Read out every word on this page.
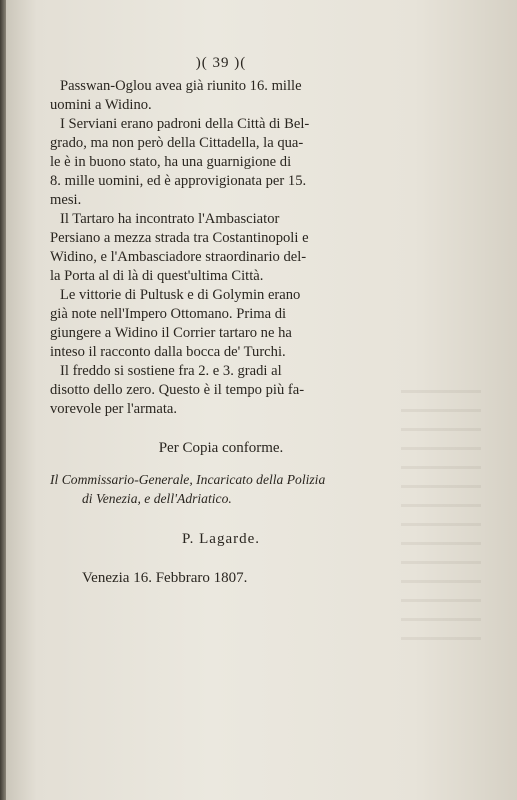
)( 39 )(
Passwan-Oglou avea già riunito 16. mille
uomini a Widino.
I Serviani erano padroni della Città di Bel-
grado, ma non però della Cittadella, la qua-
le è in buono stato, ha una guarnigione di
8. mille uomini, ed è approvigionata per 15.
mesi.
Il Tartaro ha incontrato l'Ambasciator
Persiano a mezza strada tra Costantinopoli e
Widino, e l'Ambasciadore straordinario del-
la Porta al di là di quest'ultima Città.
Le vittorie di Pultusk e di Golymin erano
già note nell'Impero Ottomano. Prima di
giungere a Widino il Corrier tartaro ne ha
inteso il racconto dalla bocca de' Turchi.
Il freddo si sostiene fra 2. e 3. gradi al
disotto dello zero. Questo è il tempo più fa-
vorevole per l'armata.
Per Copia conforme.
Il Commissario-Generale, Incaricato della Polizia
di Venezia, e dell'Adriatico.
P. Lagarde.
Venezia 16. Febbraro 1807.
